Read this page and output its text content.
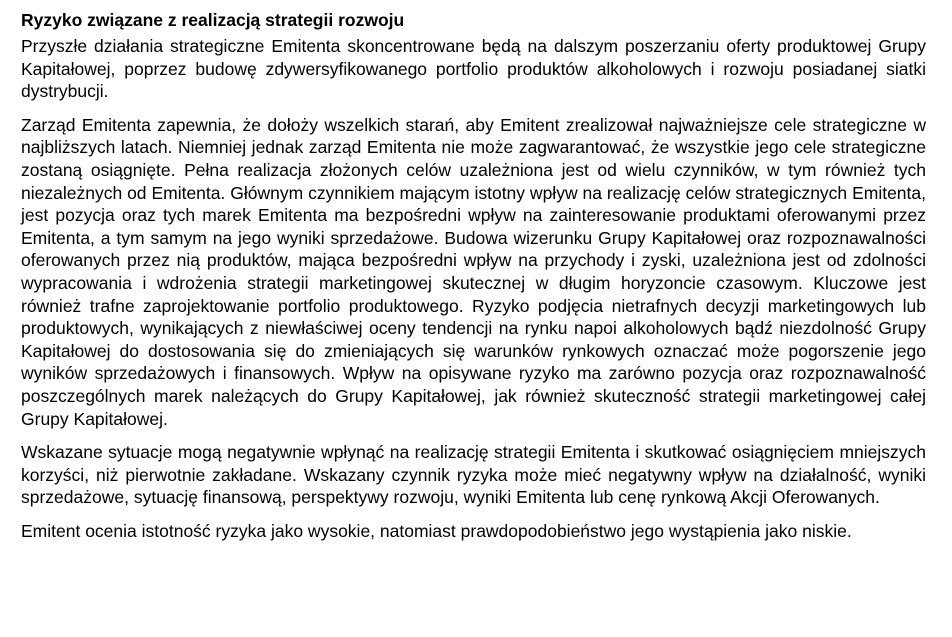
Ryzyko związane z realizacją strategii rozwoju

Przyszłe działania strategiczne Emitenta skoncentrowane będą na dalszym poszerzaniu oferty produktowej Grupy Kapitałowej, poprzez budowę zdywersyfikowanego portfolio produktów alkoholowych i rozwoju posiadanej siatki dystrybucji.

Zarząd Emitenta zapewnia, że dołoży wszelkich starań, aby Emitent zrealizował najważniejsze cele strategiczne w najbliższych latach. Niemniej jednak zarząd Emitenta nie może zagwarantować, że wszystkie jego cele strategiczne zostaną osiągnięte. Pełna realizacja złożonych celów uzależniona jest od wielu czynników, w tym również tych niezależnych od Emitenta. Głównym czynnikiem mającym istotny wpływ na realizację celów strategicznych Emitenta, jest pozycja oraz tych marek Emitenta ma bezpośredni wpływ na zainteresowanie produktami oferowanymi przez Emitenta, a tym samym na jego wyniki sprzedażowe. Budowa wizerunku Grupy Kapitałowej oraz rozpoznawalności oferowanych przez nią produktów, mająca bezpośredni wpływ na przychody i zyski, uzależniona jest od zdolności wypracowania i wdrożenia strategii marketingowej skutecznej w długim horyzoncie czasowym. Kluczowe jest również trafne zaprojektowanie portfolio produktowego. Ryzyko podjęcia nietrafnych decyzji marketingowych lub produktowych, wynikających z niewłaściwej oceny tendencji na rynku napoi alkoholowych bądź niezdolność Grupy Kapitałowej do dostosowania się do zmieniających się warunków rynkowych oznaczać może pogorszenie jego wyników sprzedażowych i finansowych. Wpływ na opisywane ryzyko ma zarówno pozycja oraz rozpoznawalność poszczególnych marek należących do Grupy Kapitałowej, jak również skuteczność strategii marketingowej całej Grupy Kapitałowej.

Wskazane sytuacje mogą negatywnie wpłynąć na realizację strategii Emitenta i skutkować osiągnięciem mniejszych korzyści, niż pierwotnie zakładane. Wskazany czynnik ryzyka może mieć negatywny wpływ na działalność, wyniki sprzedażowe, sytuację finansową, perspektywy rozwoju, wyniki Emitenta lub cenę rynkową Akcji Oferowanych.

Emitent ocenia istotność ryzyka jako wysokie, natomiast prawdopodobieństwo jego wystąpienia jako niskie.
